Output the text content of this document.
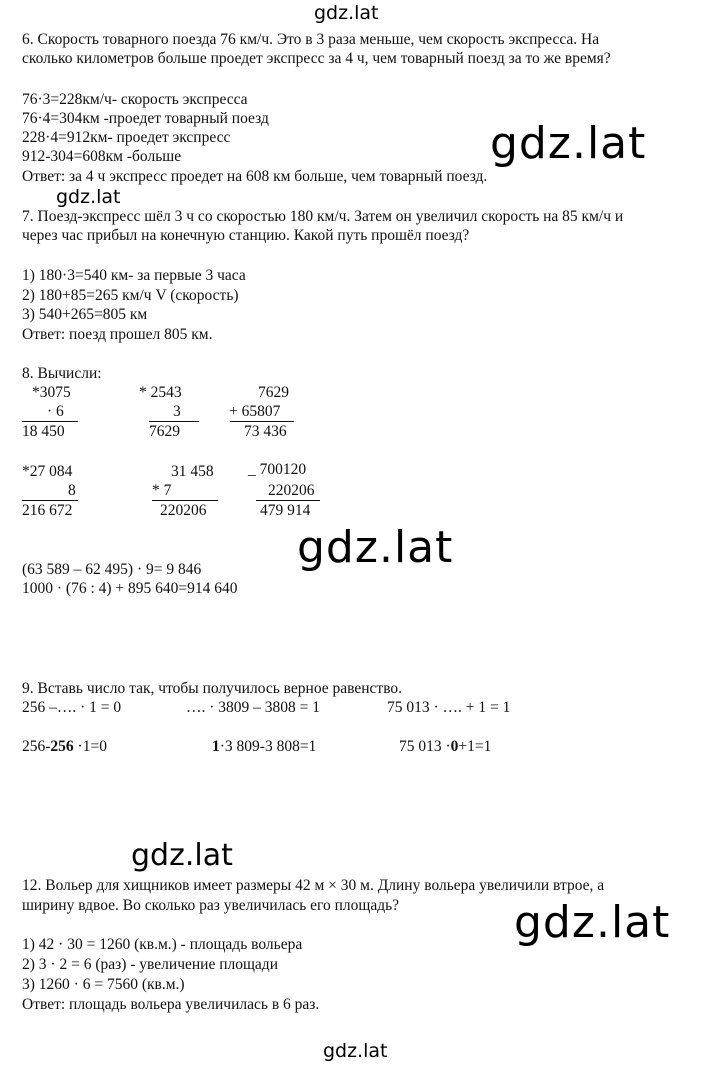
gdz.lat
gdz.lat
gdz.lat
gdz.lat
gdz.lat
gdz.lat
gdz.lat
6. Скорость товарного поезда 76 км/ч. Это в 3 раза меньше, чем скорость экспресса. На
сколько километров больше проедет экспресс за 4 ч, чем товарный поезд за то же время?
76·3=228км/ч- скорость экспресса
76·4=304км -проедет товарный поезд
228·4=912км- проедет экспресс
912-304=608км -больше
Ответ: за 4 ч экспресс проедет на 608 км больше, чем товарный поезд.
7. Поезд-экспресс шёл 3 ч со скоростью 180 км/ч. Затем он увеличил скорость на 85 км/ч и
через час прибыл на конечную станцию. Какой путь прошёл поезд?
1) 180·3=540 км- за первые 3 часа
2) 180+85=265 км/ч V (скорость)
3) 540+265=805 км
Ответ: поезд прошел 805 км.
8. Вычисли:
*3075
· 6
18 450
* 2543
3
7629
7629
+ 65807
73 436
*27 084
8
216 672
31 458
* 7
220206
_ 700120
220206
479 914
(63 589 – 62 495) · 9= 9 846
1000 · (76 : 4) + 895 640=914 640
9. Вставь число так, чтобы получилось верное равенство.
256 –…. · 1 = 0	…. · 3809 – 3808 = 1	75 013 · …. + 1 = 1
256-256 ·1=0	1·3 809-3 808=1	75 013 ·0+1=1
12. Вольер для хищников имеет размеры 42 м × 30 м. Длину вольера увеличили втрое, а
ширину вдвое. Во сколько раз увеличилась его площадь?
1) 42 · 30 = 1260 (кв.м.) - площадь вольера
2) 3 · 2 = 6 (раз) - увеличение площади
3) 1260 · 6 = 7560 (кв.м.)
Ответ: площадь вольера увеличилась в 6 раз.
